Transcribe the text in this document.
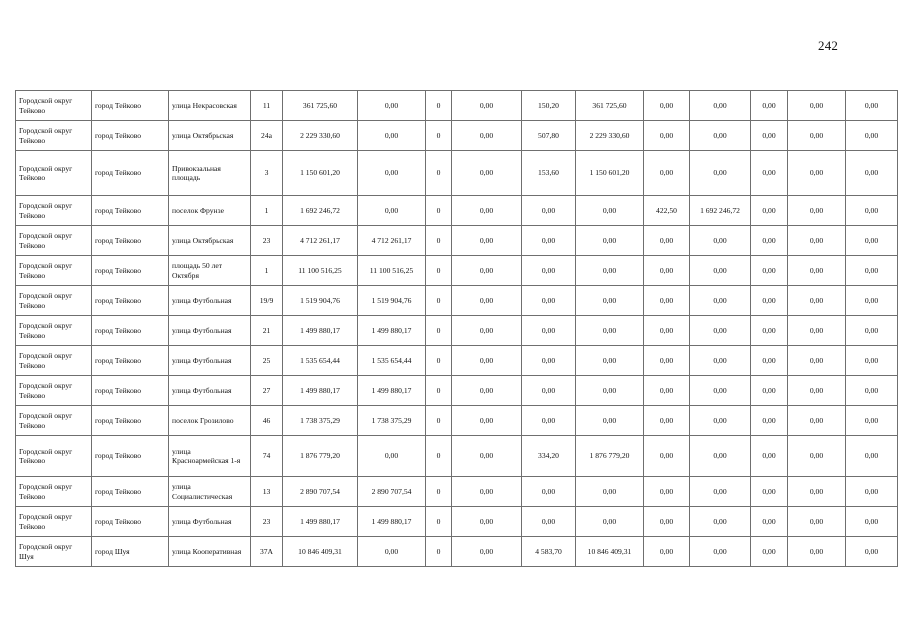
242
Городской округ Тейково	город Тейково	улица Некрасовская	11	361 725,60	0,00	0	0,00	150,20	361 725,60	0,00	0,00	0,00	0,00	0,00
Городской округ Тейково	город Тейково	улица Октябрьская	24а	2 229 330,60	0,00	0	0,00	507,80	2 229 330,60	0,00	0,00	0,00	0,00	0,00
Городской округ Тейково	город Тейково	Привокзальная площадь	3	1 150 601,20	0,00	0	0,00	153,60	1 150 601,20	0,00	0,00	0,00	0,00	0,00
Городской округ Тейково	город Тейково	поселок Фрунзе	1	1 692 246,72	0,00	0	0,00	0,00	0,00	422,50	1 692 246,72	0,00	0,00	0,00
Городской округ Тейково	город Тейково	улица Октябрьская	23	4 712 261,17	4 712 261,17	0	0,00	0,00	0,00	0,00	0,00	0,00	0,00	0,00
Городской округ Тейково	город Тейково	площадь 50 лет Октября	1	11 100 516,25	11 100 516,25	0	0,00	0,00	0,00	0,00	0,00	0,00	0,00	0,00
Городской округ Тейково	город Тейково	улица Футбольная	19/9	1 519 904,76	1 519 904,76	0	0,00	0,00	0,00	0,00	0,00	0,00	0,00	0,00
Городской округ Тейково	город Тейково	улица Футбольная	21	1 499 880,17	1 499 880,17	0	0,00	0,00	0,00	0,00	0,00	0,00	0,00	0,00
Городской округ Тейково	город Тейково	улица Футбольная	25	1 535 654,44	1 535 654,44	0	0,00	0,00	0,00	0,00	0,00	0,00	0,00	0,00
Городской округ Тейково	город Тейково	улица Футбольная	27	1 499 880,17	1 499 880,17	0	0,00	0,00	0,00	0,00	0,00	0,00	0,00	0,00
Городской округ Тейково	город Тейково	поселок Грозилово	46	1 738 375,29	1 738 375,29	0	0,00	0,00	0,00	0,00	0,00	0,00	0,00	0,00
Городской округ Тейково	город Тейково	улица Красноармейская 1-я	74	1 876 779,20	0,00	0	0,00	334,20	1 876 779,20	0,00	0,00	0,00	0,00	0,00
Городской округ Тейково	город Тейково	улица Социалистическая	13	2 890 707,54	2 890 707,54	0	0,00	0,00	0,00	0,00	0,00	0,00	0,00	0,00
Городской округ Тейково	город Тейково	улица Футбольная	23	1 499 880,17	1 499 880,17	0	0,00	0,00	0,00	0,00	0,00	0,00	0,00	0,00
Городской округ Шуя	город Шуя	улица Кооперативная	37А	10 846 409,31	0,00	0	0,00	4 583,70	10 846 409,31	0,00	0,00	0,00	0,00	0,00
